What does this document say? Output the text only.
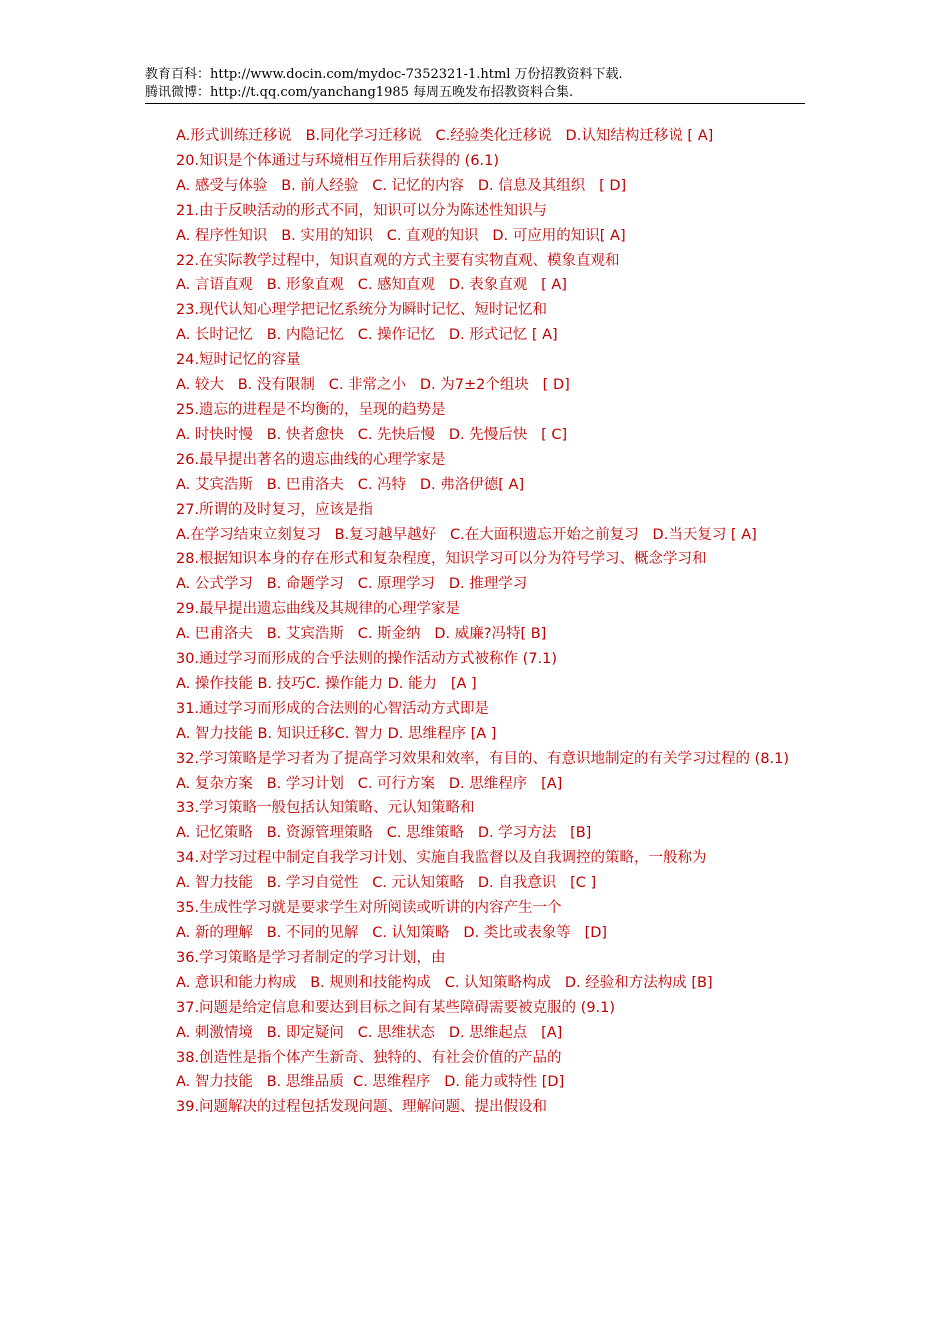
教育百科：http://www.docin.com/mydoc-7352321-1.html 万份招教资料下载.
腾讯微博：http://t.qq.com/yanchang1985 每周五晚发布招教资料合集.
A.形式训练迁移说   B.同化学习迁移说   C.经验类化迁移说   D.认知结构迁移说 [ A]
20.知识是个体通过与环境相互作用后获得的 (6.1)
A. 感受与体验   B. 前人经验   C. 记忆的内容   D. 信息及其组织   [ D]
21.由于反映活动的形式不同，知识可以分为陈述性知识与
A. 程序性知识   B. 实用的知识   C. 直观的知识   D. 可应用的知识[ A]
22.在实际教学过程中，知识直观的方式主要有实物直观、模象直观和
A. 言语直观   B. 形象直观   C. 感知直观   D. 表象直观   [ A]
23.现代认知心理学把记忆系统分为瞬时记忆、短时记忆和
A. 长时记忆   B. 内隐记忆   C. 操作记忆   D. 形式记忆 [ A]
24.短时记忆的容量
A. 较大   B. 没有限制   C. 非常之小   D. 为7±2个组块   [ D]
25.遗忘的进程是不均衡的，呈现的趋势是
A. 时快时慢   B. 快者愈快   C. 先快后慢   D. 先慢后快   [ C]
26.最早提出著名的遗忘曲线的心理学家是
A. 艾宾浩斯   B. 巴甫洛夫   C. 冯特   D. 弗洛伊德[ A]
27.所谓的及时复习，应该是指
A.在学习结束立刻复习   B.复习越早越好   C.在大面积遗忘开始之前复习   D.当天复习 [ A]
28.根据知识本身的存在形式和复杂程度，知识学习可以分为符号学习、概念学习和
A. 公式学习   B. 命题学习   C. 原理学习   D. 推理学习
29.最早提出遗忘曲线及其规律的心理学家是
A. 巴甫洛夫   B. 艾宾浩斯   C. 斯金纳   D. 威廉?冯特[ B]
30.通过学习而形成的合乎法则的操作活动方式被称作 (7.1)
A. 操作技能 B. 技巧C. 操作能力 D. 能力   [A ]
31.通过学习而形成的合法则的心智活动方式即是
A. 智力技能 B. 知识迁移C. 智力 D. 思维程序 [A ]
32.学习策略是学习者为了提高学习效果和效率，有目的、有意识地制定的有关学习过程的 (8.1)
A. 复杂方案   B. 学习计划   C. 可行方案   D. 思维程序   [A]
33.学习策略一般包括认知策略、元认知策略和
A. 记忆策略   B. 资源管理策略   C. 思维策略   D. 学习方法   [B]
34.对学习过程中制定自我学习计划、实施自我监督以及自我调控的策略，一般称为
A. 智力技能   B. 学习自觉性   C. 元认知策略   D. 自我意识   [C ]
35.生成性学习就是要求学生对所阅读或听讲的内容产生一个
A. 新的理解   B. 不同的见解   C. 认知策略   D. 类比或表象等   [D]
36.学习策略是学习者制定的学习计划，由
A. 意识和能力构成   B. 规则和技能构成   C. 认知策略构成   D. 经验和方法构成 [B]
37.问题是给定信息和要达到目标之间有某些障碍需要被克服的 (9.1)
A. 刺激情境   B. 即定疑问   C. 思维状态   D. 思维起点   [A]
38.创造性是指个体产生新奇、独特的、有社会价值的产品的
A. 智力技能   B. 思维品质  C. 思维程序   D. 能力或特性 [D]
39.问题解决的过程包括发现问题、理解问题、提出假设和
